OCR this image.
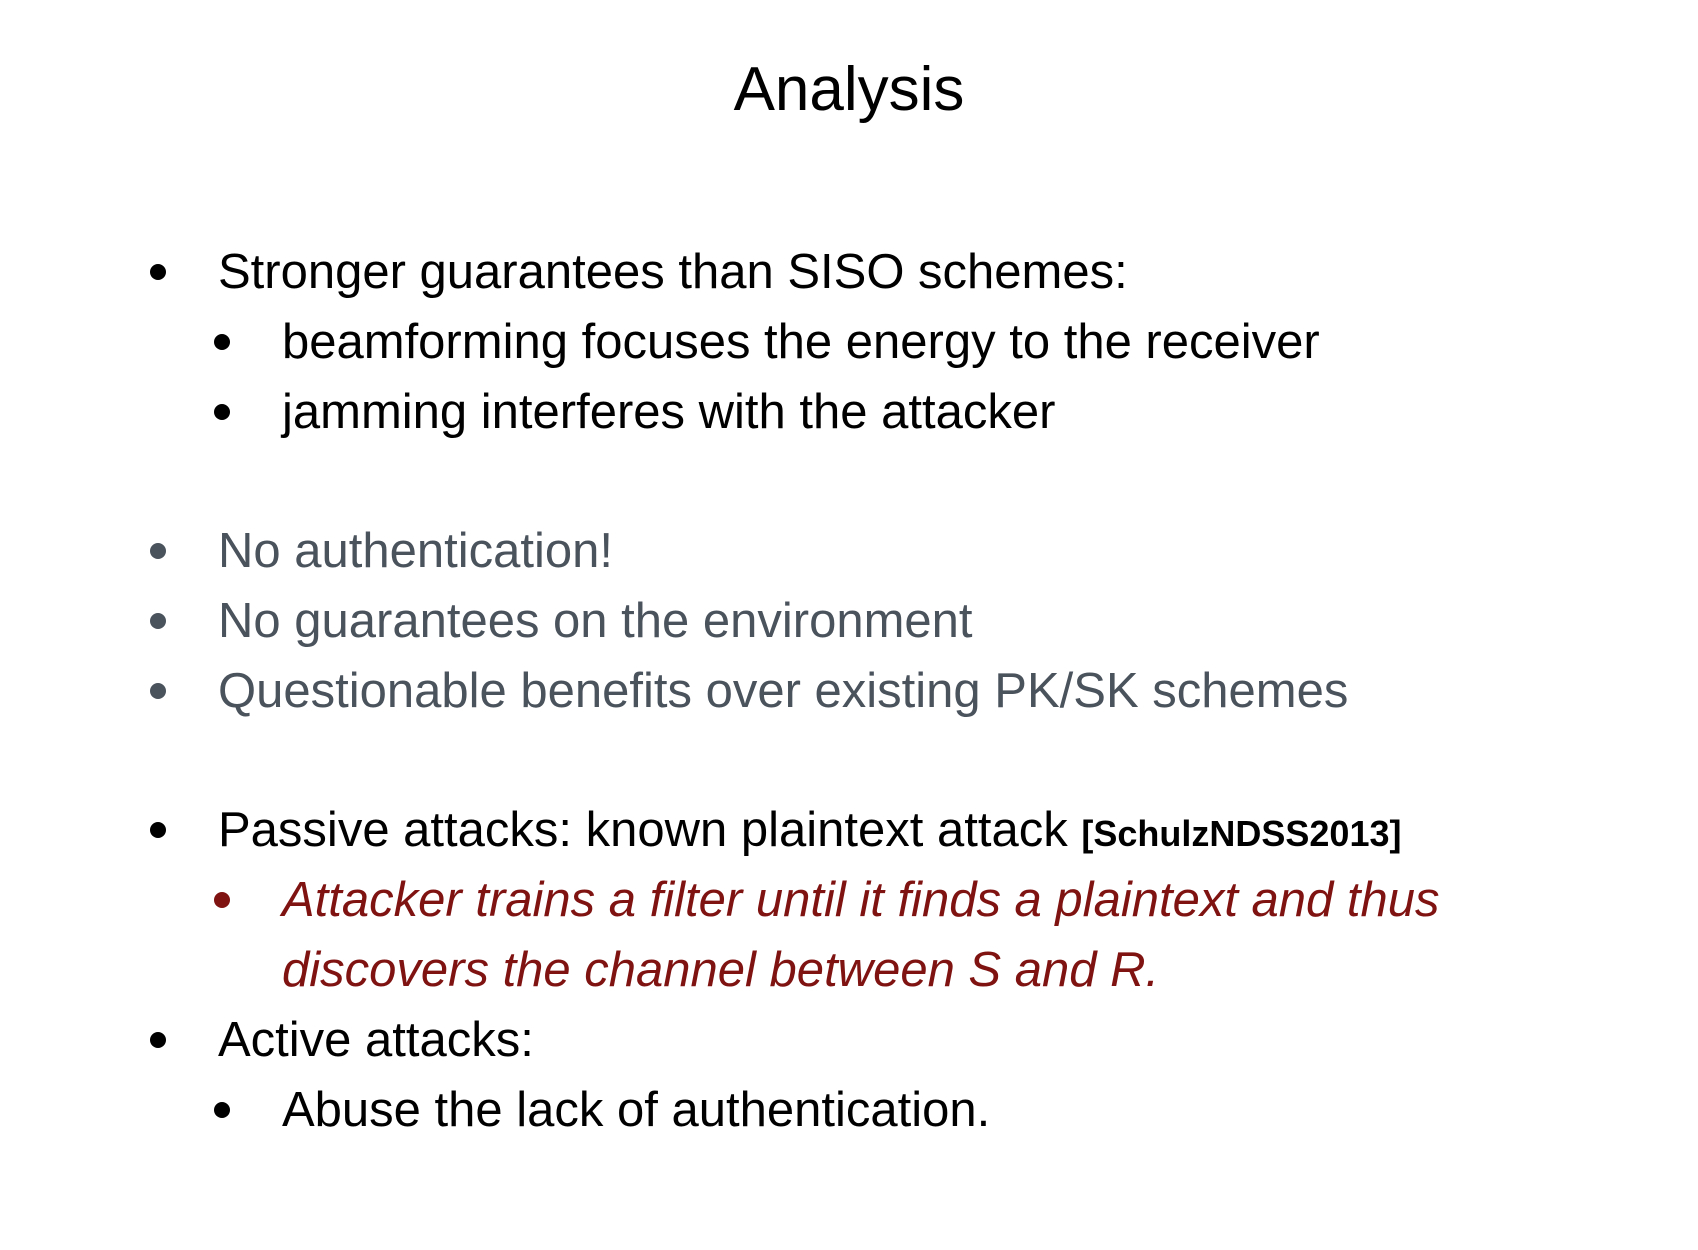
Analysis
Stronger guarantees than SISO schemes:
beamforming focuses the energy to the receiver
jamming interferes with the attacker
No authentication!
No guarantees on the environment
Questionable benefits over existing PK/SK schemes
Passive attacks: known plaintext attack [SchulzNDSS2013]
Attacker trains a filter until it finds a plaintext and thus
discovers the channel between S and R.
Active attacks:
Abuse the lack of authentication.
